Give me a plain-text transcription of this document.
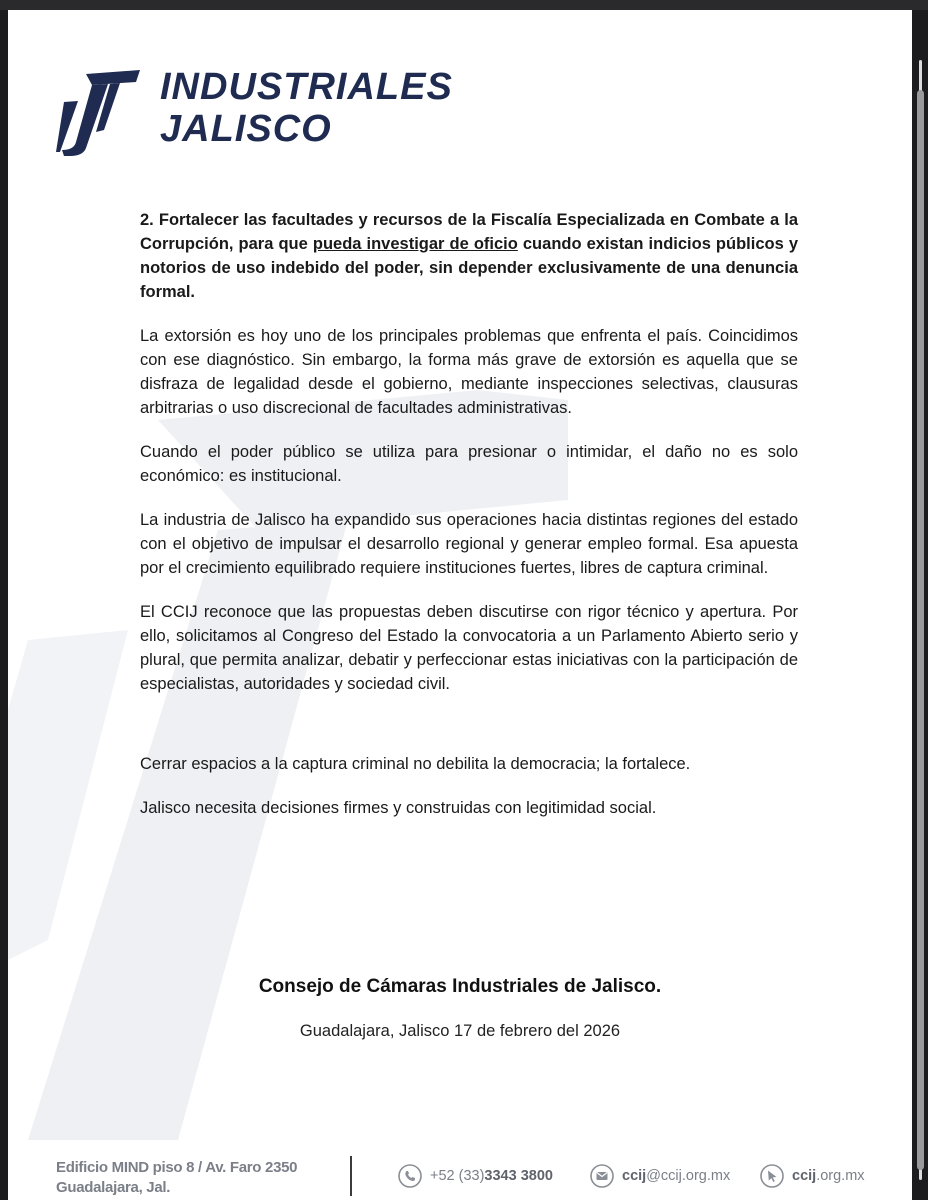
INDUSTRIALES
JALISCO

2. Fortalecer las facultades y recursos de la Fiscalía Especializada en Combate a la Corrupción, para que pueda investigar de oficio cuando existan indicios públicos y notorios de uso indebido del poder, sin depender exclusivamente de una denuncia formal.

La extorsión es hoy uno de los principales problemas que enfrenta el país. Coincidimos con ese diagnóstico. Sin embargo, la forma más grave de extorsión es aquella que se disfraza de legalidad desde el gobierno, mediante inspecciones selectivas, clausuras arbitrarias o uso discrecional de facultades administrativas.

Cuando el poder público se utiliza para presionar o intimidar, el daño no es solo económico: es institucional.

La industria de Jalisco ha expandido sus operaciones hacia distintas regiones del estado con el objetivo de impulsar el desarrollo regional y generar empleo formal. Esa apuesta por el crecimiento equilibrado requiere instituciones fuertes, libres de captura criminal.

El CCIJ reconoce que las propuestas deben discutirse con rigor técnico y apertura. Por ello, solicitamos al Congreso del Estado la convocatoria a un Parlamento Abierto serio y plural, que permita analizar, debatir y perfeccionar estas iniciativas con la participación de especialistas, autoridades y sociedad civil.

Cerrar espacios a la captura criminal no debilita la democracia; la fortalece.

Jalisco necesita decisiones firmes y construidas con legitimidad social.

Consejo de Cámaras Industriales de Jalisco.
Guadalajara, Jalisco 17 de febrero del 2026
Edificio MIND piso 8 / Av. Faro 2350
Guadalajara, Jal.
+52 (33) 3343 3800	ccij @ccij.org.mx	ccij .org.mx
